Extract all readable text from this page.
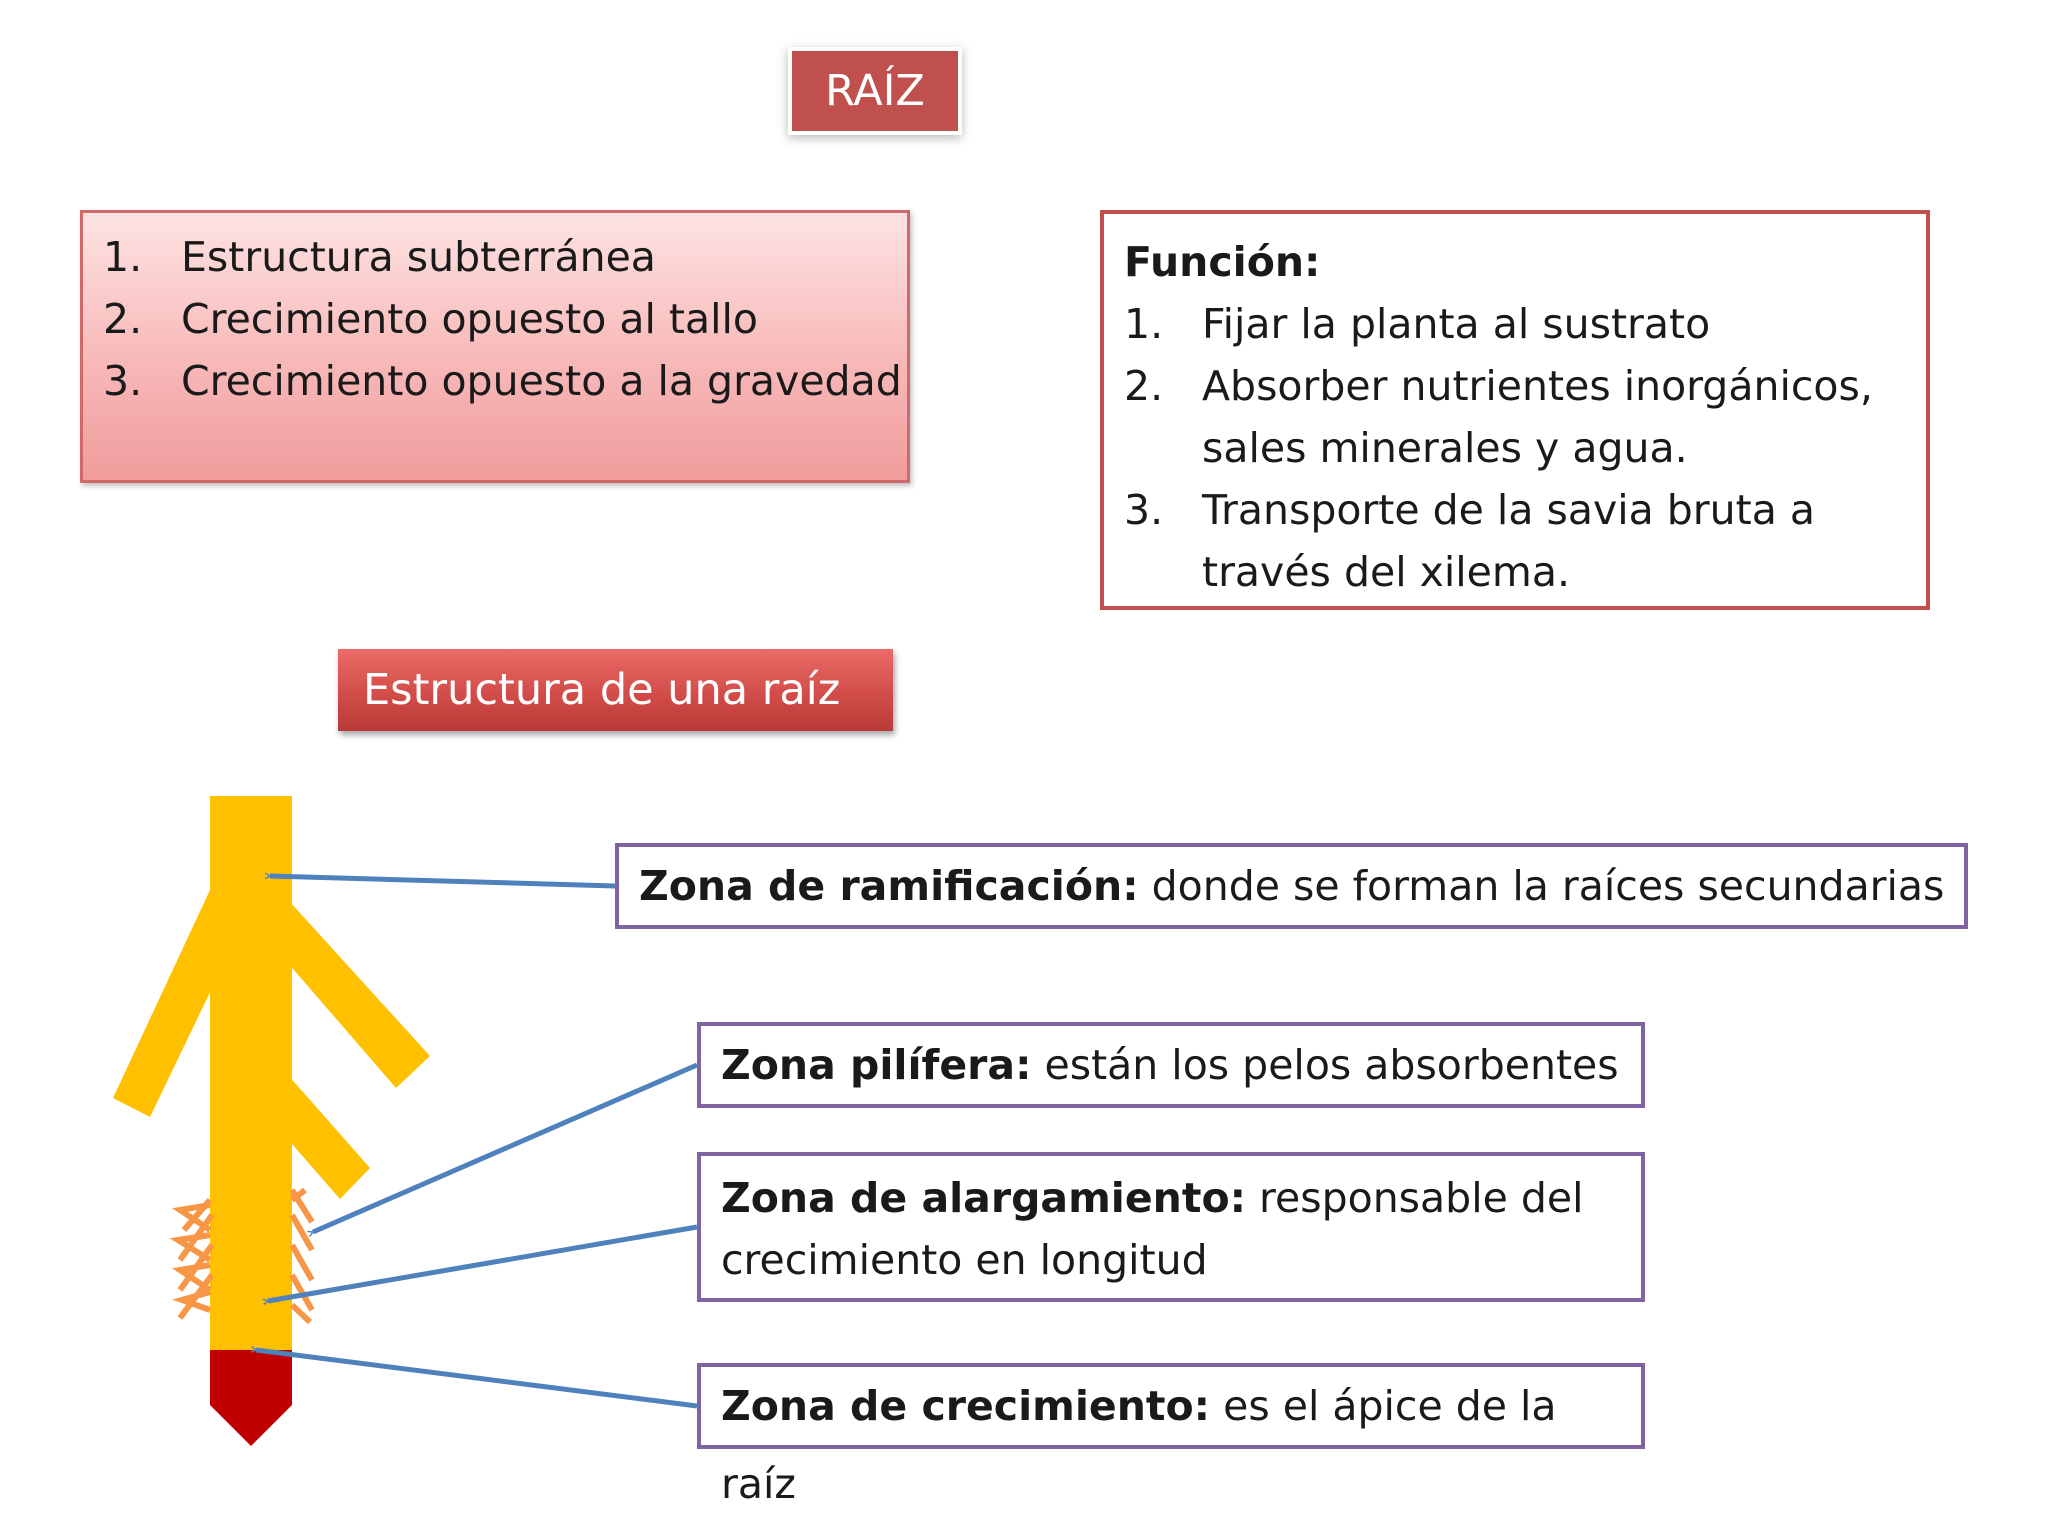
RAÍZ
1. Estructura subterránea
2. Crecimiento opuesto al tallo
3. Crecimiento opuesto a la gravedad
Función:
1. Fijar la planta al sustrato
2. Absorber nutrientes inorgánicos, sales minerales y agua.
3. Transporte de la savia bruta a través del xilema.
Estructura de una raíz
Zona de ramificación: donde se forman la raíces secundarias
Zona pilífera: están los pelos absorbentes
Zona de alargamiento: responsable del crecimiento en longitud
Zona de crecimiento: es el ápice de la raíz
